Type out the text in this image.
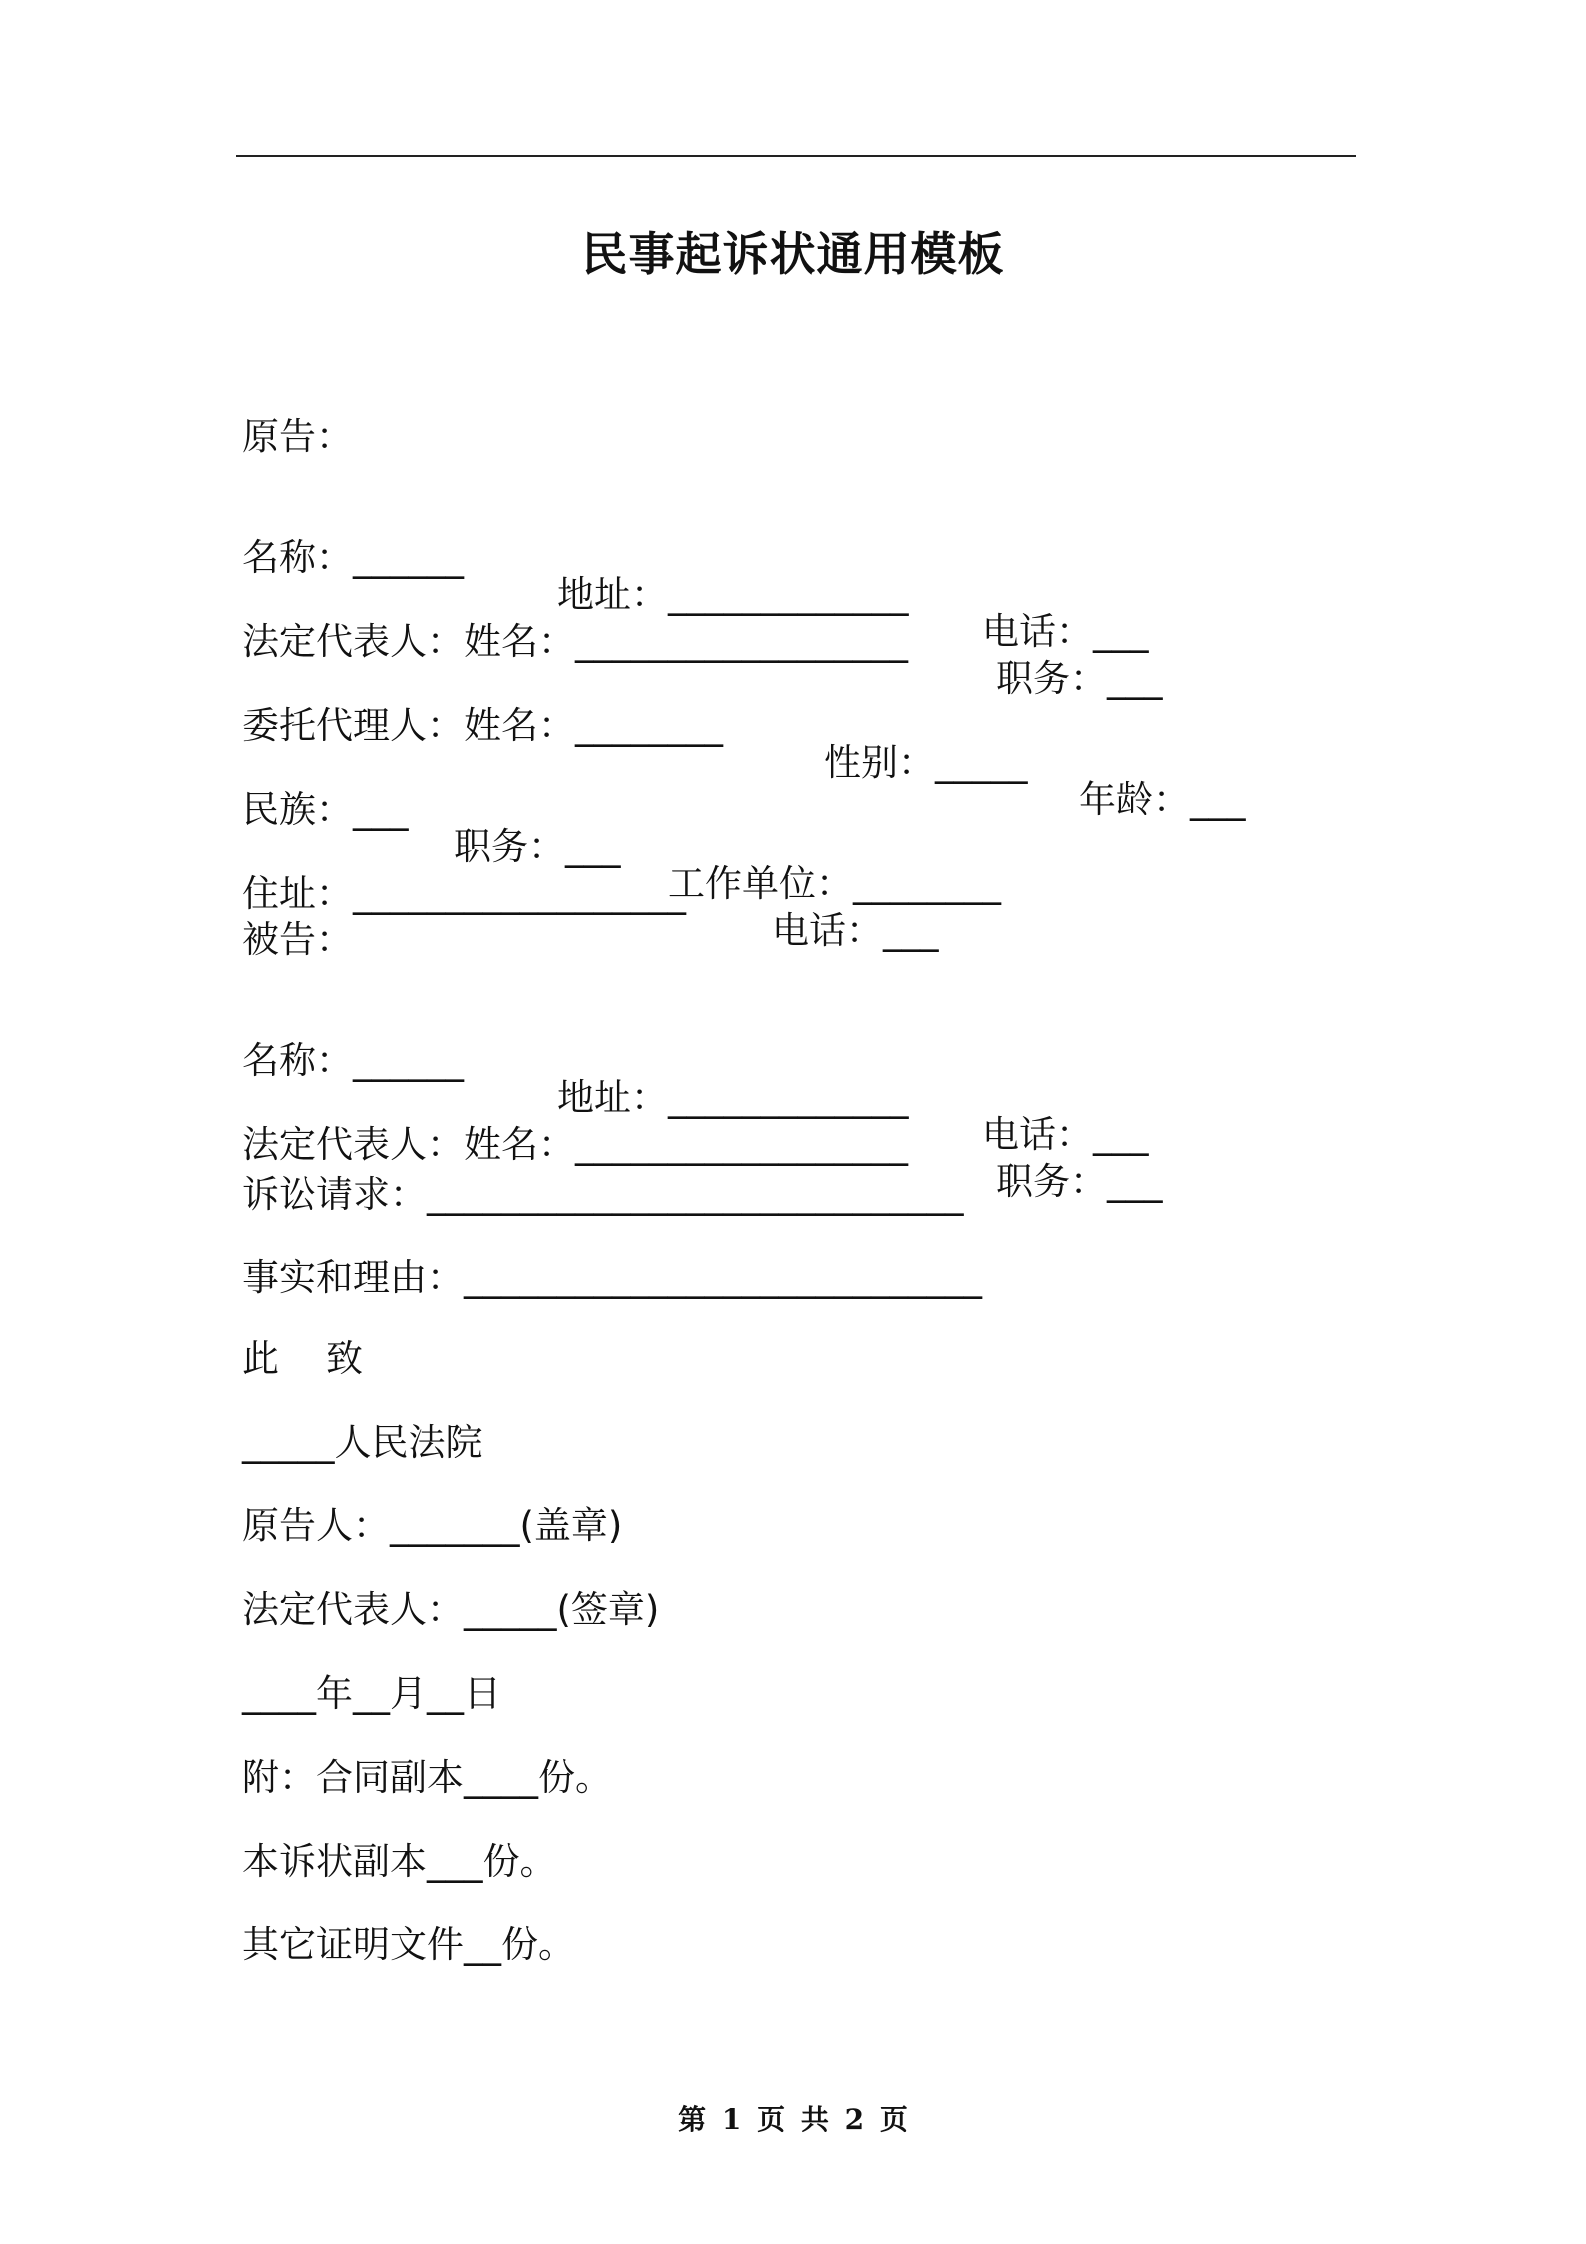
民事起诉状通用模板
原告：

名称：______

地址：_____________

电话：___

法定代表人：姓名：__________________

职务：___

委托代理人：姓名：________

性别：_____

年龄：___

民族：___

职务：___

工作单位：________

住址：__________________

电话：___

被告：

名称：______

地址：_____________

电话：___

法定代表人：姓名：__________________

职务：___

诉讼请求：_____________________________
事实和理由：____________________________
此    致
_____人民法院
原告人：_______(盖章)
法定代表人：_____(签章)
____年__月__日
附：合同副本____份。
本诉状副本___份。
其它证明文件__份。
第 1 页 共 2 页
